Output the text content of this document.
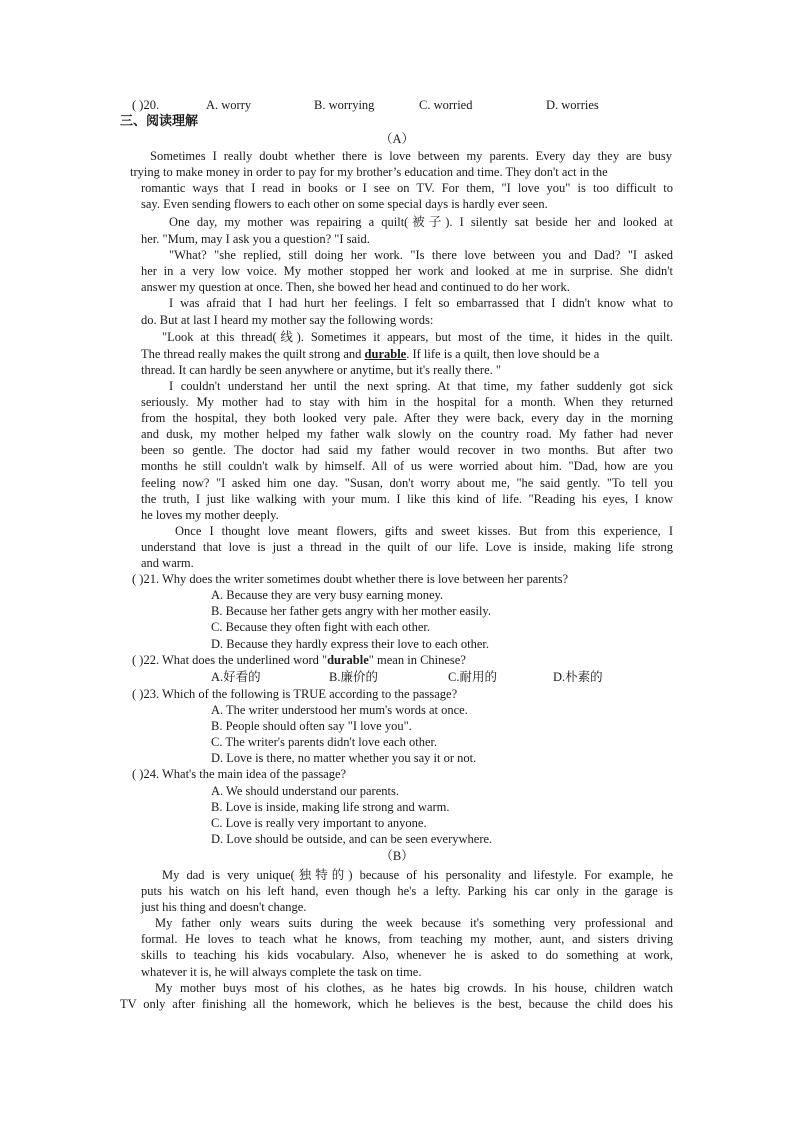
( )20.	A. worry	B. worrying	C. worried	D. worries
三、阅读理解
（A）
Sometimes I really doubt whether there is love between my parents. Every day they are busy
trying to make money in order to pay for my brother’s education and time. They don't act in the
romantic ways that I read in books or I see on TV. For them, "I love you" is too difficult to
say. Even sending flowers to each other on some special days is hardly ever seen.
One day, my mother was repairing a quilt(被子). I silently sat beside her and looked at
her. "Mum, may I ask you a question? "I said.
"What? "she replied, still doing her work. "Is there love between you and Dad? "I asked
her in a very low voice. My mother stopped her work and looked at me in surprise. She didn't
answer my question at once. Then, she bowed her head and continued to do her work.
I was afraid that I had hurt her feelings. I felt so embarrassed that I didn't know what to
do. But at last I heard my mother say the following words:
"Look at this thread(线). Sometimes it appears, but most of the time, it hides in the quilt.
The thread really makes the quilt strong and durable. If life is a quilt, then love should be a
thread. It can hardly be seen anywhere or anytime, but it's really there. "
I couldn't understand her until the next spring. At that time, my father suddenly got sick
seriously. My mother had to stay with him in the hospital for a month. When they returned
from the hospital, they both looked very pale. After they were back, every day in the morning
and dusk, my mother helped my father walk slowly on the country road. My father had never
been so gentle. The doctor had said my father would recover in two months. But after two
months he still couldn't walk by himself. All of us were worried about him. "Dad, how are you
feeling now? "I asked him one day. "Susan, don't worry about me, "he said gently. "To tell you
the truth, I just like walking with your mum. I like this kind of life. "Reading his eyes, I know
he loves my mother deeply.
Once I thought love meant flowers, gifts and sweet kisses. But from this experience, I
understand that love is just a thread in the quilt of our life. Love is inside, making life strong
and warm.
( )21. Why does the writer sometimes doubt whether there is love between her parents?
A. Because they are very busy earning money.
B. Because her father gets angry with her mother easily.
C. Because they often fight with each other.
D. Because they hardly express their love to each other.
( )22. What does the underlined word "durable" mean in Chinese?
A.好看的	B.廉价的	C.耐用的	D.朴素的
( )23. Which of the following is TRUE according to the passage?
A. The writer understood her mum's words at once.
B. People should often say "I love you".
C. The writer's parents didn't love each other.
D. Love is there, no matter whether you say it or not.
( )24. What's the main idea of the passage?
A. We should understand our parents.
B. Love is inside, making life strong and warm.
C. Love is really very important to anyone.
D. Love should be outside, and can be seen everywhere.
（B）
My dad is very unique(独特的) because of his personality and lifestyle. For example, he
puts his watch on his left hand, even though he's a lefty. Parking his car only in the garage is
just his thing and doesn't change.
My father only wears suits during the week because it's something very professional and
formal. He loves to teach what he knows, from teaching my mother, aunt, and sisters driving
skills to teaching his kids vocabulary. Also, whenever he is asked to do something at work,
whatever it is, he will always complete the task on time.
My mother buys most of his clothes, as he hates big crowds. In his house, children watch
TV only after finishing all the homework, which he believes is the best, because the child does his
